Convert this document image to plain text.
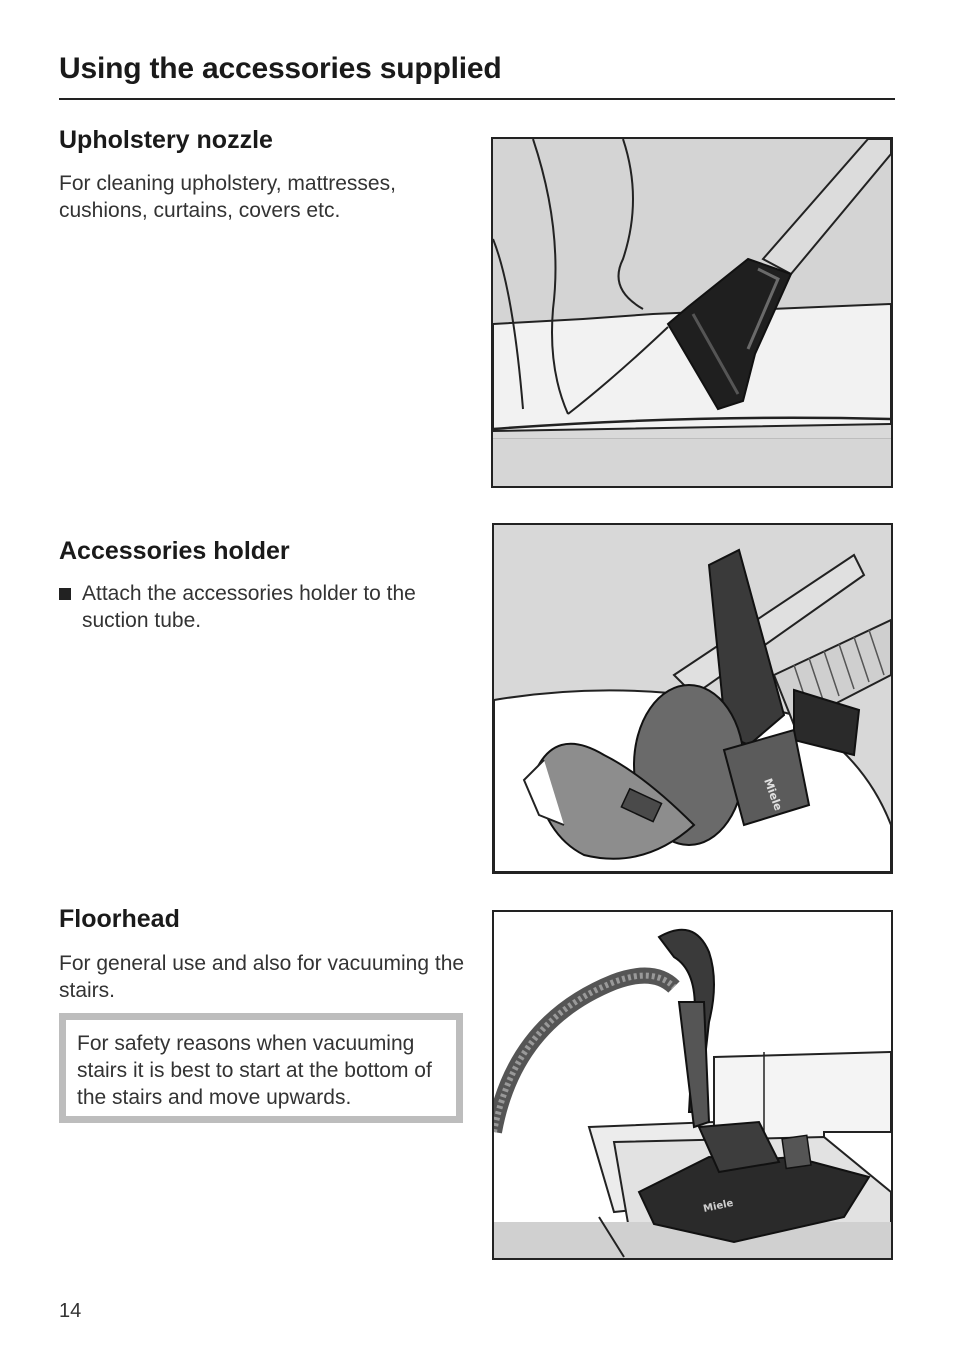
Using the accessories supplied
Upholstery nozzle
For cleaning upholstery, mattresses, cushions, curtains, covers etc.
Accessories holder
Attach the accessories holder to the suction tube.
Miele
Floorhead
For general use and also for vacuuming the stairs.
For safety reasons when vacuuming stairs it is best to start at the bottom of the stairs and move upwards.
Miele
14
